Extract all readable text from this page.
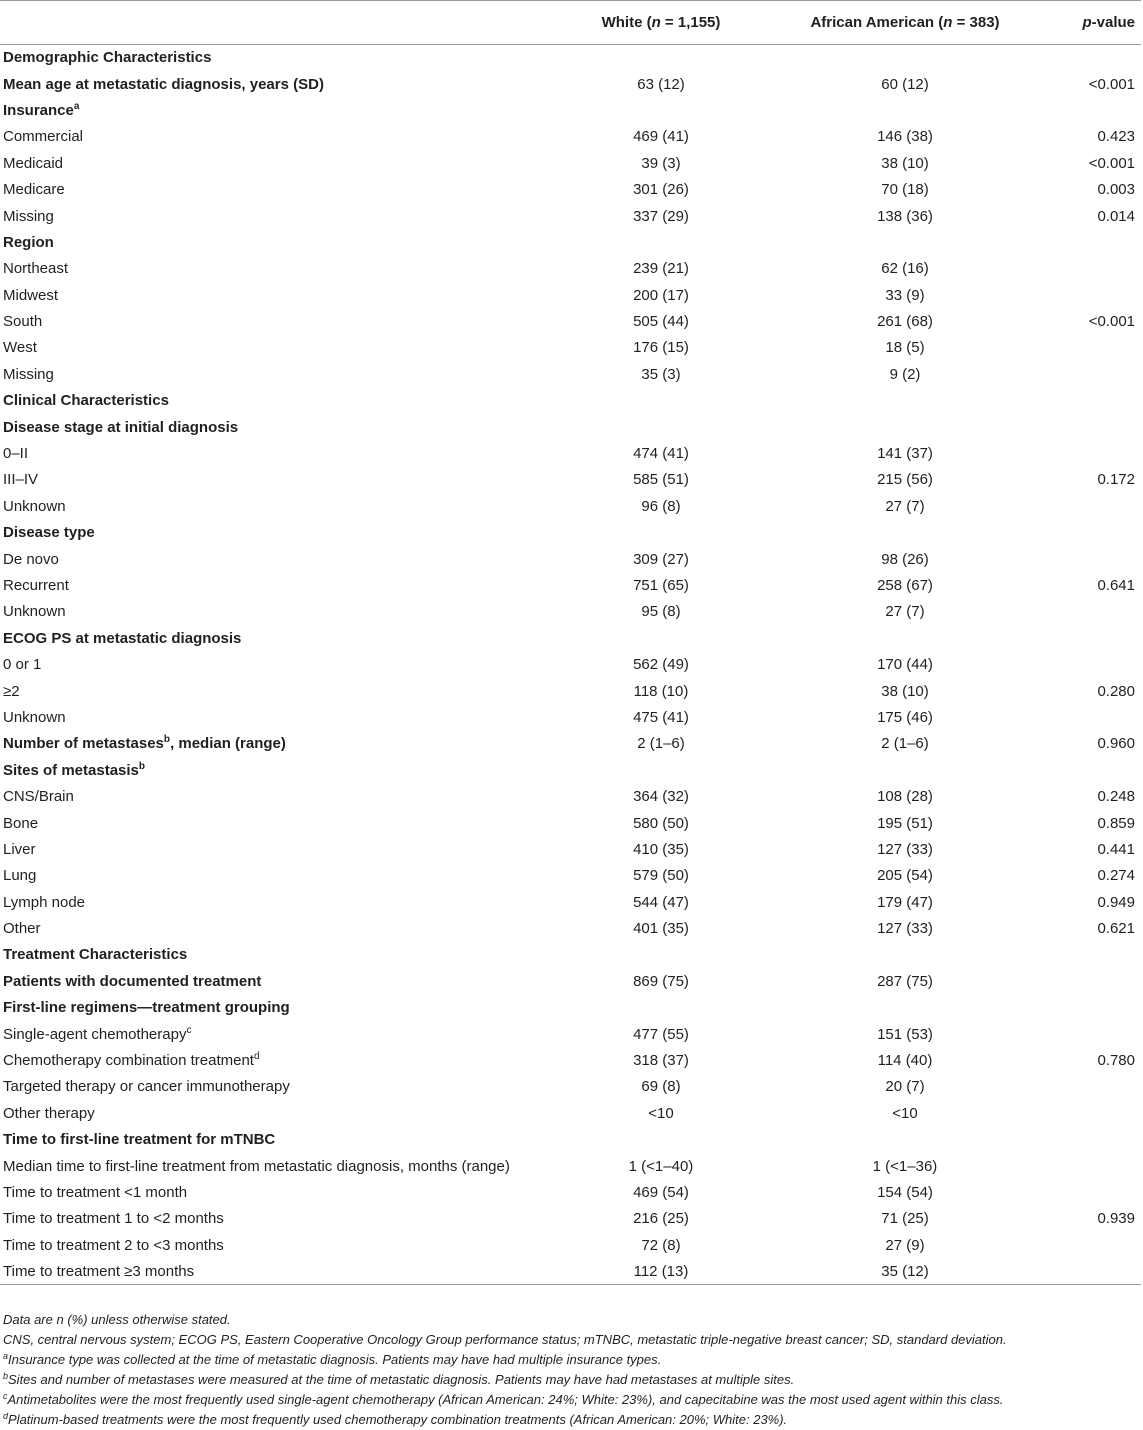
	White (n = 1,155)	African American (n = 383)	p-value
Demographic Characteristics			
Mean age at metastatic diagnosis, years (SD)	63 (12)	60 (12)	<0.001
Insurance$^a$			
Commercial	469 (41)	146 (38)	0.423
Medicaid	39 (3)	38 (10)	<0.001
Medicare	301 (26)	70 (18)	0.003
Missing	337 (29)	138 (36)	0.014
Region			
Northeast	239 (21)	62 (16)	
Midwest	200 (17)	33 (9)	
South	505 (44)	261 (68)	<0.001
West	176 (15)	18 (5)	
Missing	35 (3)	9 (2)	
Clinical Characteristics			
Disease stage at initial diagnosis			
0–II	474 (41)	141 (37)	
III–IV	585 (51)	215 (56)	0.172
Unknown	96 (8)	27 (7)	
Disease type			
De novo	309 (27)	98 (26)	
Recurrent	751 (65)	258 (67)	0.641
Unknown	95 (8)	27 (7)	
ECOG PS at metastatic diagnosis			
0 or 1	562 (49)	170 (44)	
≥2	118 (10)	38 (10)	0.280
Unknown	475 (41)	175 (46)	
Number of metastases$^b$, median (range)	2 (1–6)	2 (1–6)	0.960
Sites of metastasis$^b$			
CNS/Brain	364 (32)	108 (28)	0.248
Bone	580 (50)	195 (51)	0.859
Liver	410 (35)	127 (33)	0.441
Lung	579 (50)	205 (54)	0.274
Lymph node	544 (47)	179 (47)	0.949
Other	401 (35)	127 (33)	0.621
Treatment Characteristics			
Patients with documented treatment	869 (75)	287 (75)	
First-line regimens—treatment grouping			
Single-agent chemotherapy$^c$	477 (55)	151 (53)	
Chemotherapy combination treatment$^d$	318 (37)	114 (40)	0.780
Targeted therapy or cancer immunotherapy	69 (8)	20 (7)	
Other therapy	<10	<10	
Time to first-line treatment for mTNBC			
Median time to first-line treatment from metastatic diagnosis, months (range)	1 (<1–40)	1 (<1–36)	
Time to treatment <1 month	469 (54)	154 (54)	
Time to treatment 1 to <2 months	216 (25)	71 (25)	0.939
Time to treatment 2 to <3 months	72 (8)	27 (9)	
Time to treatment ≥3 months	112 (13)	35 (12)	
Data are n (%) unless otherwise stated.
CNS, central nervous system; ECOG PS, Eastern Cooperative Oncology Group performance status; mTNBC, metastatic triple-negative breast cancer; SD, standard deviation.
$^a$Insurance type was collected at the time of metastatic diagnosis. Patients may have had multiple insurance types.
$^b$Sites and number of metastases were measured at the time of metastatic diagnosis. Patients may have had metastases at multiple sites.
$^c$Antimetabolites were the most frequently used single-agent chemotherapy (African American: 24%; White: 23%), and capecitabine was the most used agent within this class.
$^d$Platinum-based treatments were the most frequently used chemotherapy combination treatments (African American: 20%; White: 23%).
